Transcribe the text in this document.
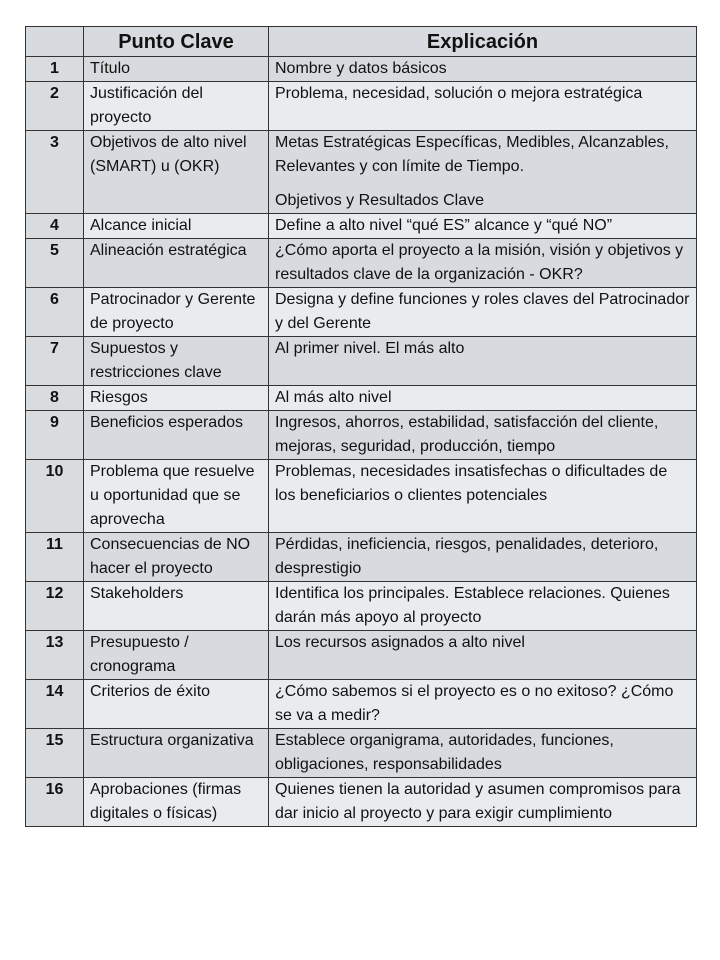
	Punto Clave	Explicación
1	Título	Nombre y datos básicos
2	Justificación del proyecto	Problema, necesidad, solución o mejora estratégica
3	Objetivos de alto nivel (SMART) u (OKR)	Metas Estratégicas Específicas, Medibles, Alcanzables, Relevantes y con límite de Tiempo.
Objetivos y Resultados Clave

4	Alcance inicial	Define a alto nivel “qué ES” alcance y “qué NO”
5	Alineación estratégica	¿Cómo aporta el proyecto a la misión, visión y objetivos y resultados clave de la organización - OKR?
6	Patrocinador y Gerente de proyecto	Designa y define funciones y roles claves del Patrocinador y del Gerente
7	Supuestos y restricciones clave	Al primer nivel. El más alto
8	Riesgos	Al más alto nivel
9	Beneficios esperados	Ingresos, ahorros, estabilidad, satisfacción del cliente, mejoras, seguridad, producción, tiempo
10	Problema que resuelve u oportunidad que se aprovecha	Problemas, necesidades insatisfechas o dificultades de los beneficiarios o clientes potenciales
11	Consecuencias de NO hacer el proyecto	Pérdidas, ineficiencia, riesgos, penalidades, deterioro, desprestigio
12	Stakeholders	Identifica los principales. Establece relaciones. Quienes darán más apoyo al proyecto
13	Presupuesto / cronograma	Los recursos asignados a alto nivel
14	Criterios de éxito	¿Cómo sabemos si el proyecto es o no exitoso? ¿Cómo se va a medir?
15	Estructura organizativa	Establece organigrama, autoridades, funciones, obligaciones, responsabilidades
16	Aprobaciones (firmas digitales o físicas)	Quienes tienen la autoridad y asumen compromisos para dar inicio al proyecto y para exigir cumplimiento
